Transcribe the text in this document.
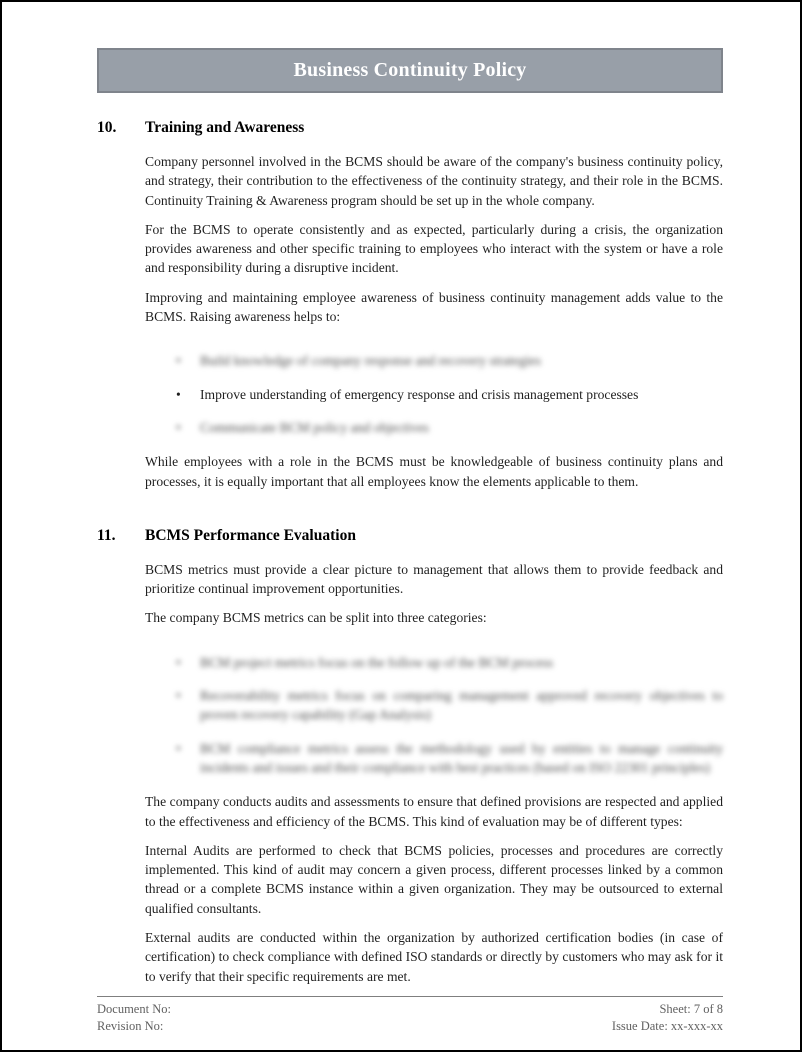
Business Continuity Policy
10.	Training and Awareness

Company personnel involved in the BCMS should be aware of the company's business continuity policy, and strategy, their contribution to the effectiveness of the continuity strategy, and their role in the BCMS. Continuity Training & Awareness program should be set up in the whole company.

For the BCMS to operate consistently and as expected, particularly during a crisis, the organization provides awareness and other specific training to employees who interact with the system or have a role and responsibility during a disruptive incident.

Improving and maintaining employee awareness of business continuity management adds value to the BCMS. Raising awareness helps to:

• Build knowledge of company response and recovery strategies
• Improve understanding of emergency response and crisis management processes
• Communicate BCM policy and objectives

While employees with a role in the BCMS must be knowledgeable of business continuity plans and processes, it is equally important that all employees know the elements applicable to them.

11.	BCMS Performance Evaluation

BCMS metrics must provide a clear picture to management that allows them to provide feedback and prioritize continual improvement opportunities.

The company BCMS metrics can be split into three categories:

• BCM project metrics focus on the follow up of the BCM process
• Recoverability metrics focus on comparing management approved recovery objectives to proven recovery capability (Gap Analysis)
• BCM compliance metrics assess the methodology used by entities to manage continuity incidents and issues and their compliance with best practices (based on ISO 22301 principles)

The company conducts audits and assessments to ensure that defined provisions are respected and applied to the effectiveness and efficiency of the BCMS. This kind of evaluation may be of different types:

Internal Audits are performed to check that BCMS policies, processes and procedures are correctly implemented. This kind of audit may concern a given process, different processes linked by a common thread or a complete BCMS instance within a given organization. They may be outsourced to external qualified consultants.

External audits are conducted within the organization by authorized certification bodies (in case of certification) to check compliance with defined ISO standards or directly by customers who may ask for it to verify that their specific requirements are met.

Document No:
Revision No:
Sheet: 7 of 8
Issue Date: xx-xxx-xx
